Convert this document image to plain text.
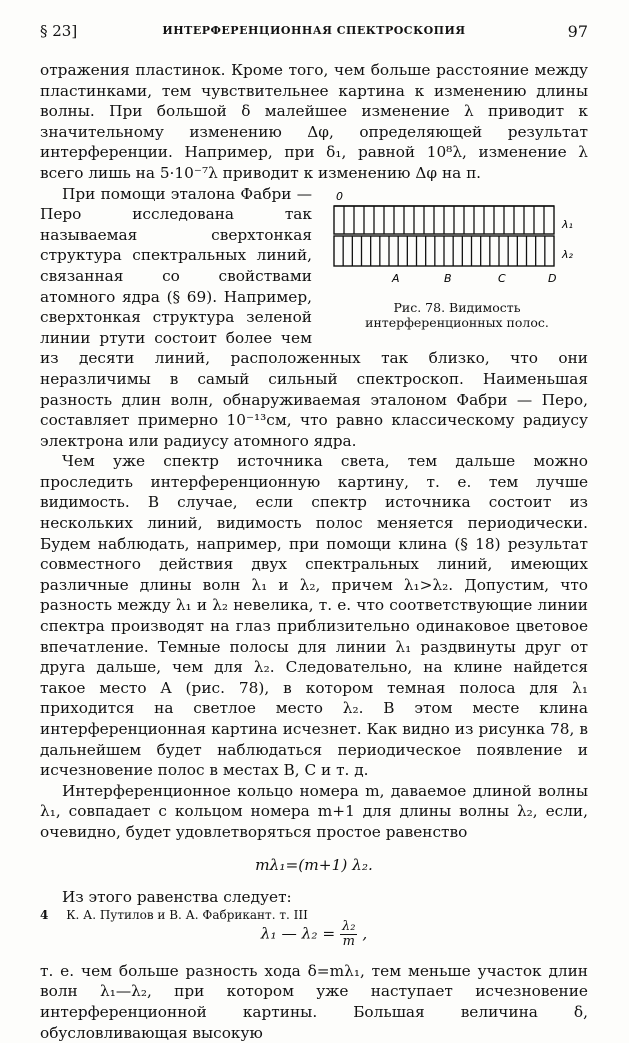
§ 23]	ИНТЕРФЕРЕНЦИОННАЯ СПЕКТРОСКОПИЯ	97

отражения пластинок. Кроме того, чем больше расстояние между пластинками, тем чувствительнее картина к изменению длины волны. При большой δ малейшее изменение λ приводит к значительному изменению Δφ, определяющей результат интерференции. Например, при δ₁, равной 10⁸λ, изменение λ всего лишь на 5·10⁻⁷λ приводит к изменению Δφ на π.

0
λ₁
λ₂
A	B	C	D
Рис. 78. Видимость интерференционных полос.

При помощи эталона Фабри — Перо исследована так называемая сверхтонкая структура спектральных линий, связанная со свойствами атомного ядра (§ 69). Например, сверхтонкая структура зеленой линии ртути состоит более чем из десяти линий, расположенных так близко, что они неразличимы в самый сильный спектроскоп. Наименьшая разность длин волн, обнаруживаемая эталоном Фабри — Перо, составляет примерно 10⁻¹³см, что равно классическому радиусу электрона или радиусу атомного ядра.

Чем уже спектр источника света, тем дальше можно проследить интерференционную картину, т. е. тем лучше видимость. В случае, если спектр источника состоит из нескольких линий, видимость полос меняется периодически. Будем наблюдать, например, при помощи клина (§ 18) результат совместного действия двух спектральных линий, имеющих различные длины волн λ₁ и λ₂, причем λ₁>λ₂. Допустим, что разность между λ₁ и λ₂ невелика, т. е. что соответствующие линии спектра производят на глаз приблизительно одинаковое цветовое впечатление. Темные полосы для линии λ₁ раздвинуты друг от друга дальше, чем для λ₂. Следовательно, на клине найдется такое место A (рис. 78), в котором темная полоса для λ₁ приходится на светлое место λ₂. В этом месте клина интерференционная картина исчезнет. Как видно из рисунка 78, в дальнейшем будет наблюдаться периодическое появление и исчезновение полос в местах B, C и т. д.

Интерференционное кольцо номера m, даваемое длиной волны λ₁, совпадает с кольцом номера m+1 для длины волны λ₂, если, очевидно, будет удовлетворяться простое равенство

mλ₁=(m+1) λ₂.

Из этого равенства следует:

λ₁ — $\lambda_2 = \frac{\text{λ₂}}{m}$ ,

т. е. чем больше разность хода δ=mλ₁, тем меньше участок длин волн λ₁—λ₂, при котором уже наступает исчезновение интерференционной картины. Большая величина δ, обусловливающая высокую

4 К. А. Путилов и В. А. Фабрикант. т. III
